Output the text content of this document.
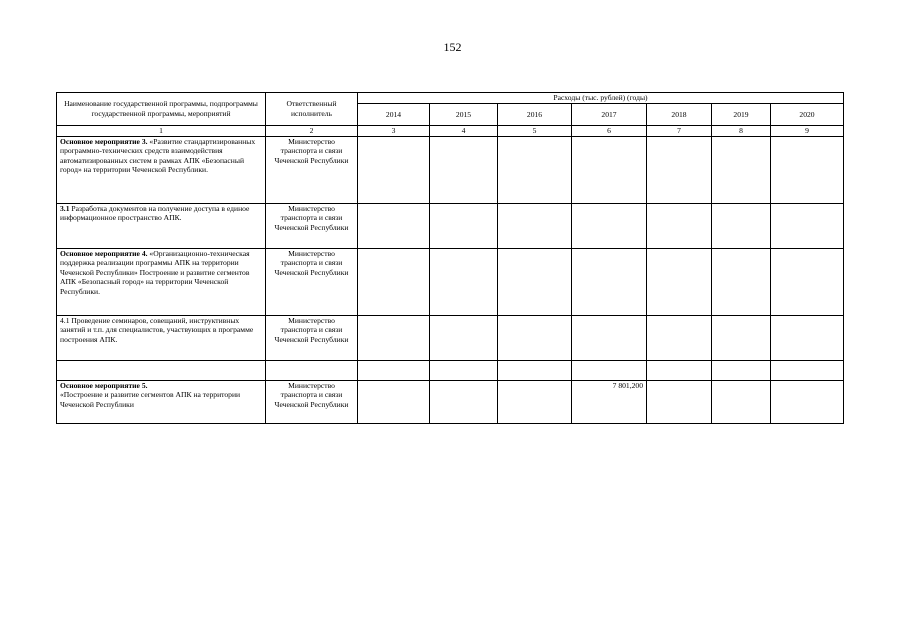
152
Наименование государственной программы, подпрограммы государственной программы, мероприятий	Ответственный исполнитель	Расходы (тыс. рублей) (годы)						
		2014	2015	2016	2017	2018	2019	2020
1	2	3	4	5	6	7	8	9
Основное мероприятие 3. «Развитие стандартизированных программно-технических средств взаимодействия автоматизированных систем в рамках АПК «Безопасный город» на территории Чеченской Республики.	Министерство транспорта и связи Чеченской Республики							
3.1 Разработка документов на получение доступа в единое информационное пространство АПК.	Министерство транспорта и связи Чеченской Республики							
Основное мероприятие 4. «Организационно-техническая поддержка реализации программы АПК на территории Чеченской Республики» Построение и развитие сегментов АПК «Безопасный город» на территории Чеченской Республики.	Министерство транспорта и связи Чеченской Республики							
4.1 Проведение семинаров, совещаний, инструктивных занятий и т.п. для специалистов, участвующих в программе построения АПК.	Министерство транспорта и связи Чеченской Республики							

Основное мероприятие 5.
«Построение и развитие сегментов АПК на территории Чеченской Республики	Министерство транспорта и связи Чеченской Республики				7 801,200			
